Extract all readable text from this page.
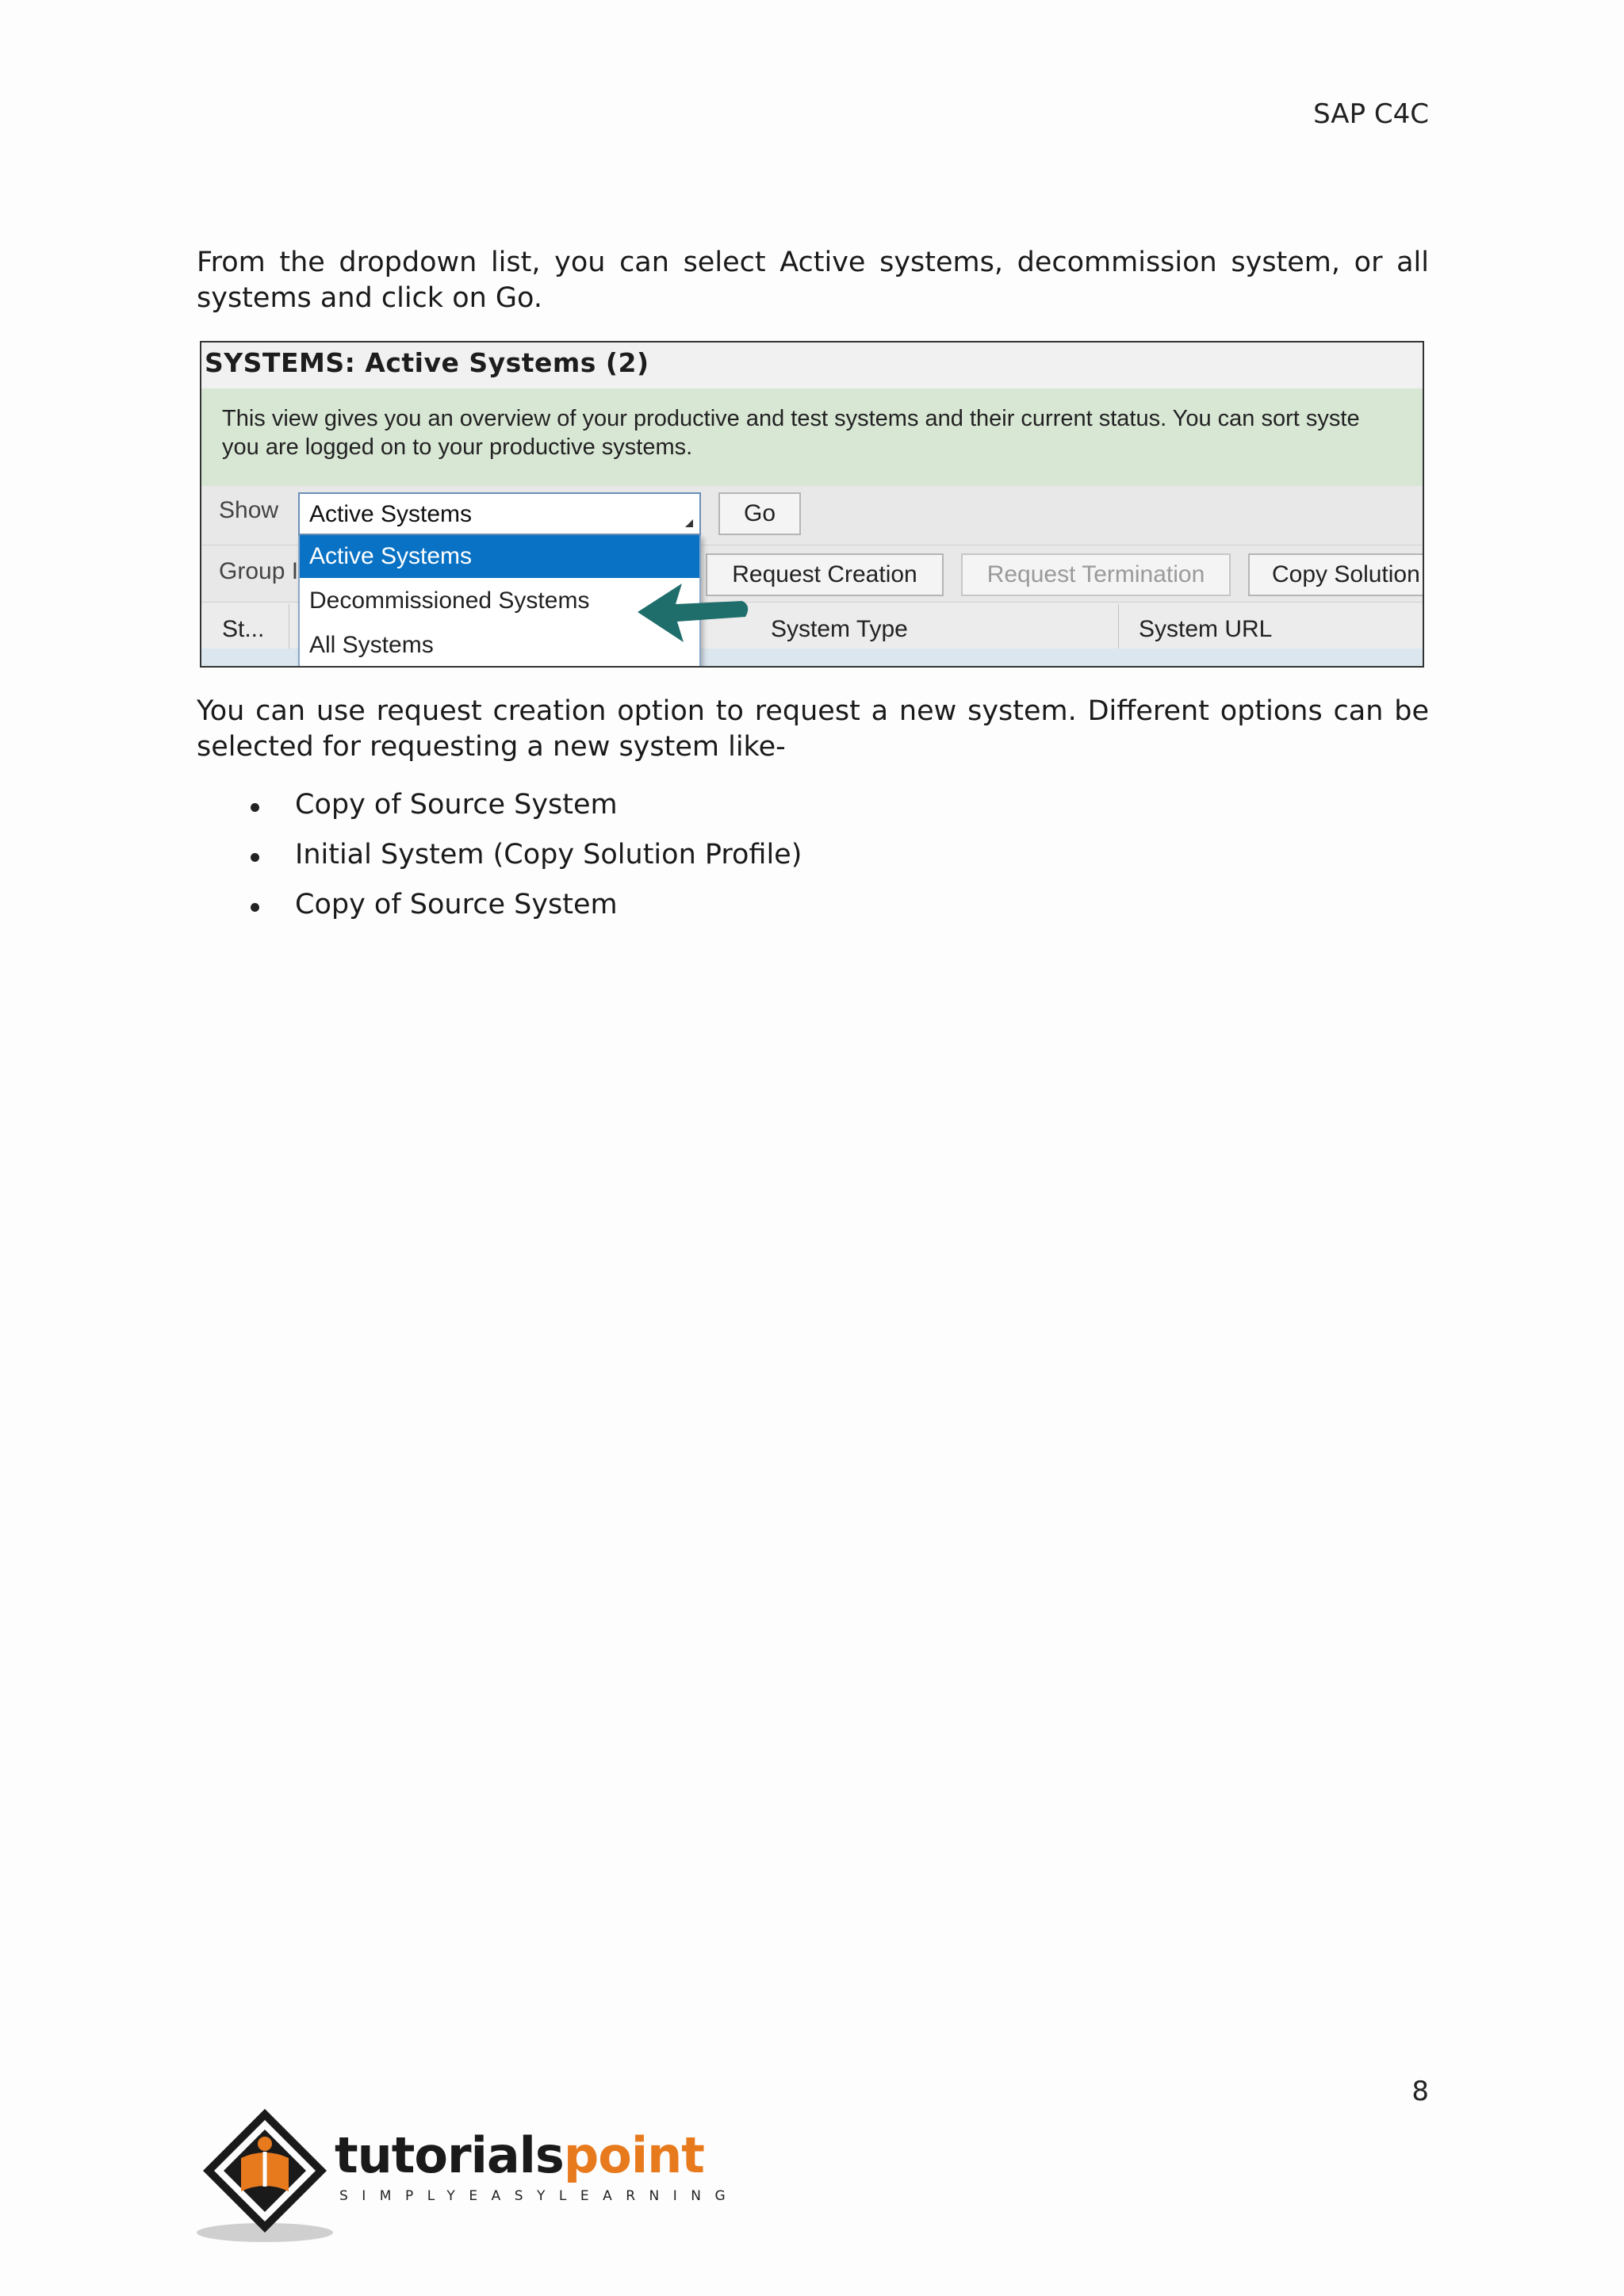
SAP C4C
From the dropdown list, you can select Active systems, decommission system, or all systems and click on Go.
SYSTEMS: Active Systems (2)
This view gives you an overview of your productive and test systems and their current status. You can sort syste
you are logged on to your productive systems.
Show Active Systems	Go
Group I	Request Creation	Request Termination	Copy Solution
St...	System Type	System URL
Active Systems
Decommissioned Systems
All Systems
You can use request creation option to request a new system. Different options can be selected for requesting a new system like-
Copy of Source System
Initial System (Copy Solution Profile)
Copy of Source System
8
tutorialspoint
SIMPLYEASYLEARNING
